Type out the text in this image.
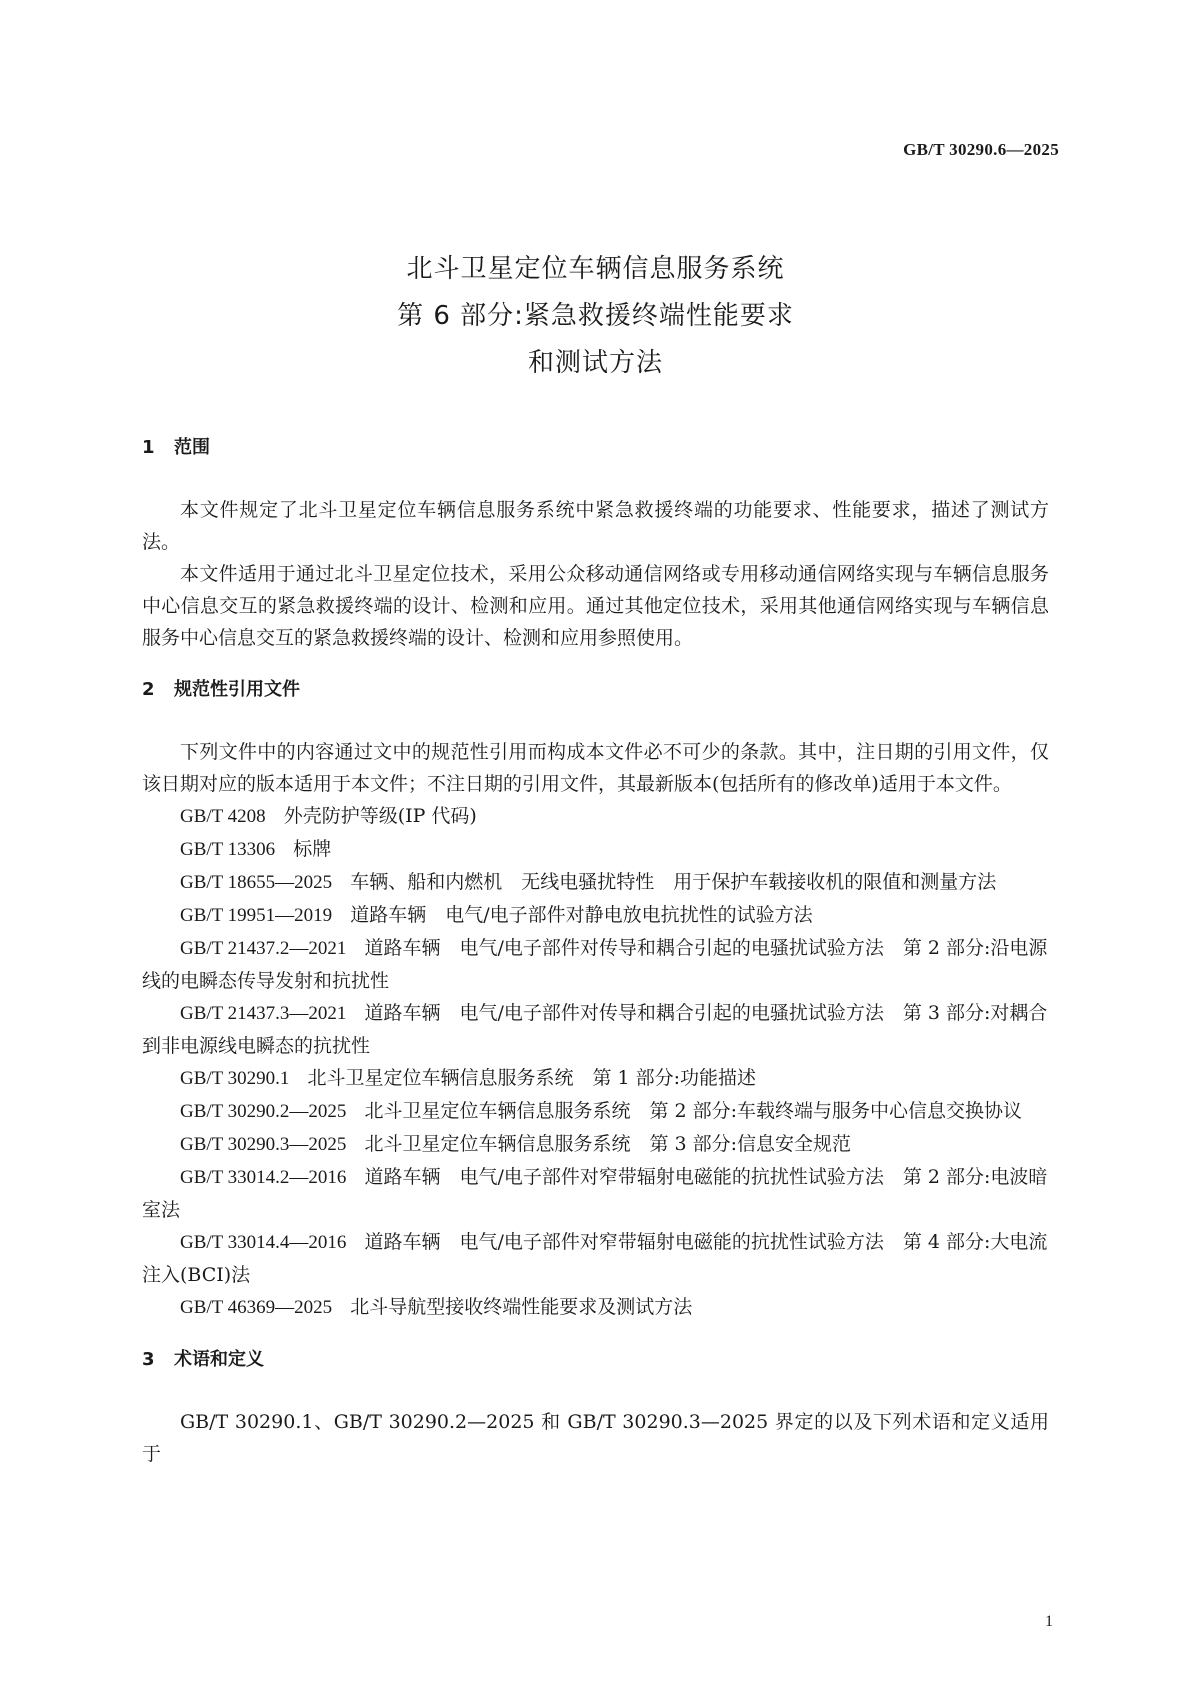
GB/T 30290.6—2025
北斗卫星定位车辆信息服务系统
第 6 部分:紧急救援终端性能要求
和测试方法
1 范围
本文件规定了北斗卫星定位车辆信息服务系统中紧急救援终端的功能要求、性能要求，描述了测试方法。
本文件适用于通过北斗卫星定位技术，采用公众移动通信网络或专用移动通信网络实现与车辆信息服务中心信息交互的紧急救援终端的设计、检测和应用。通过其他定位技术，采用其他通信网络实现与车辆信息服务中心信息交互的紧急救援终端的设计、检测和应用参照使用。
2 规范性引用文件
下列文件中的内容通过文中的规范性引用而构成本文件必不可少的条款。其中，注日期的引用文件，仅该日期对应的版本适用于本文件；不注日期的引用文件，其最新版本(包括所有的修改单)适用于本文件。
GB/T 4208 外壳防护等级(IP 代码)
GB/T 13306 标牌
GB/T 18655—2025 车辆、船和内燃机　无线电骚扰特性　用于保护车载接收机的限值和测量方法
GB/T 19951—2019 道路车辆　电气/电子部件对静电放电抗扰性的试验方法
GB/T 21437.2—2021 道路车辆　电气/电子部件对传导和耦合引起的电骚扰试验方法　第 2 部分:沿电源线的电瞬态传导发射和抗扰性
GB/T 21437.3—2021 道路车辆　电气/电子部件对传导和耦合引起的电骚扰试验方法　第 3 部分:对耦合到非电源线电瞬态的抗扰性
GB/T 30290.1 北斗卫星定位车辆信息服务系统　第 1 部分:功能描述
GB/T 30290.2—2025 北斗卫星定位车辆信息服务系统　第 2 部分:车载终端与服务中心信息交换协议
GB/T 30290.3—2025 北斗卫星定位车辆信息服务系统　第 3 部分:信息安全规范
GB/T 33014.2—2016 道路车辆　电气/电子部件对窄带辐射电磁能的抗扰性试验方法　第 2 部分:电波暗室法
GB/T 33014.4—2016 道路车辆　电气/电子部件对窄带辐射电磁能的抗扰性试验方法　第 4 部分:大电流注入(BCI)法
GB/T 46369—2025 北斗导航型接收终端性能要求及测试方法
3 术语和定义
GB/T 30290.1、GB/T 30290.2—2025 和 GB/T 30290.3—2025 界定的以及下列术语和定义适用于
1
